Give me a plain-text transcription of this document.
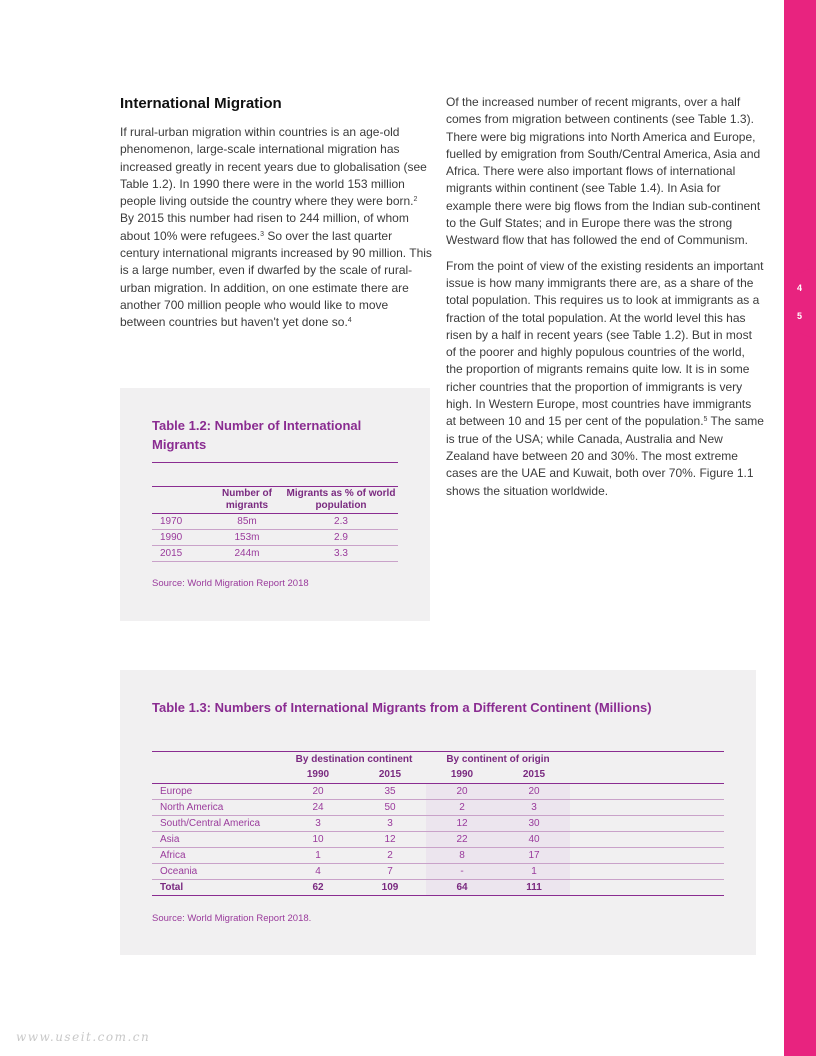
4
5
International Migration

If rural-urban migration within countries is an age-old phenomenon, large-scale international migration has increased greatly in recent years due to globalisation (see Table 1.2). In 1990 there were in the world 153 million people living outside the country where they were born.$^2$ By 2015 this number had risen to 244 million, of whom about 10% were refugees.$^3$ So over the last quarter century international migrants increased by 90 million. This is a large number, even if dwarfed by the scale of rural-urban migration. In addition, on one estimate there are another 700 million people who would like to move between countries but haven't yet done so.$^4$

Of the increased number of recent migrants, over a half comes from migration between continents (see Table 1.3). There were big migrations into North America and Europe, fuelled by emigration from South/Central America, Asia and Africa. There were also important flows of international migrants within continent (see Table 1.4). In Asia for example there were big flows from the Indian sub-continent to the Gulf States; and in Europe there was the strong Westward flow that has followed the end of Communism.

From the point of view of the existing residents an important issue is how many immigrants there are, as a share of the total population. This requires us to look at immigrants as a fraction of the total population. At the world level this has risen by a half in recent years (see Table 1.2). But in most of the poorer and highly populous countries of the world, the proportion of migrants remains quite low. It is in some richer countries that the proportion of immigrants is very high. In Western Europe, most countries have immigrants at between 10 and 15 per cent of the population.$^5$ The same is true of the USA; while Canada, Australia and New Zealand have between 20 and 30%. The most extreme cases are the UAE and Kuwait, both over 70%. Figure 1.1 shows the situation worldwide.

Table 1.2: Number of International Migrants
	Number of migrants	Migrants as % of world population
1970	85m	2.3
1990	153m	2.9
2015	244m	3.3
Source: World Migration Report 2018
Table 1.3: Numbers of International Migrants from a Different Continent (Millions)
	By destination continent		By continent of origin		
	1990	2015	1990	2015	
Europe	20	35	20	20	
North America	24	50	2	3	
South/Central America	3	3	12	30	
Asia	10	12	22	40	
Africa	1	2	8	17	
Oceania	4	7	-	1	
Total	62	109	64	111	
Source: World Migration Report 2018.
www.useit.com.cn
